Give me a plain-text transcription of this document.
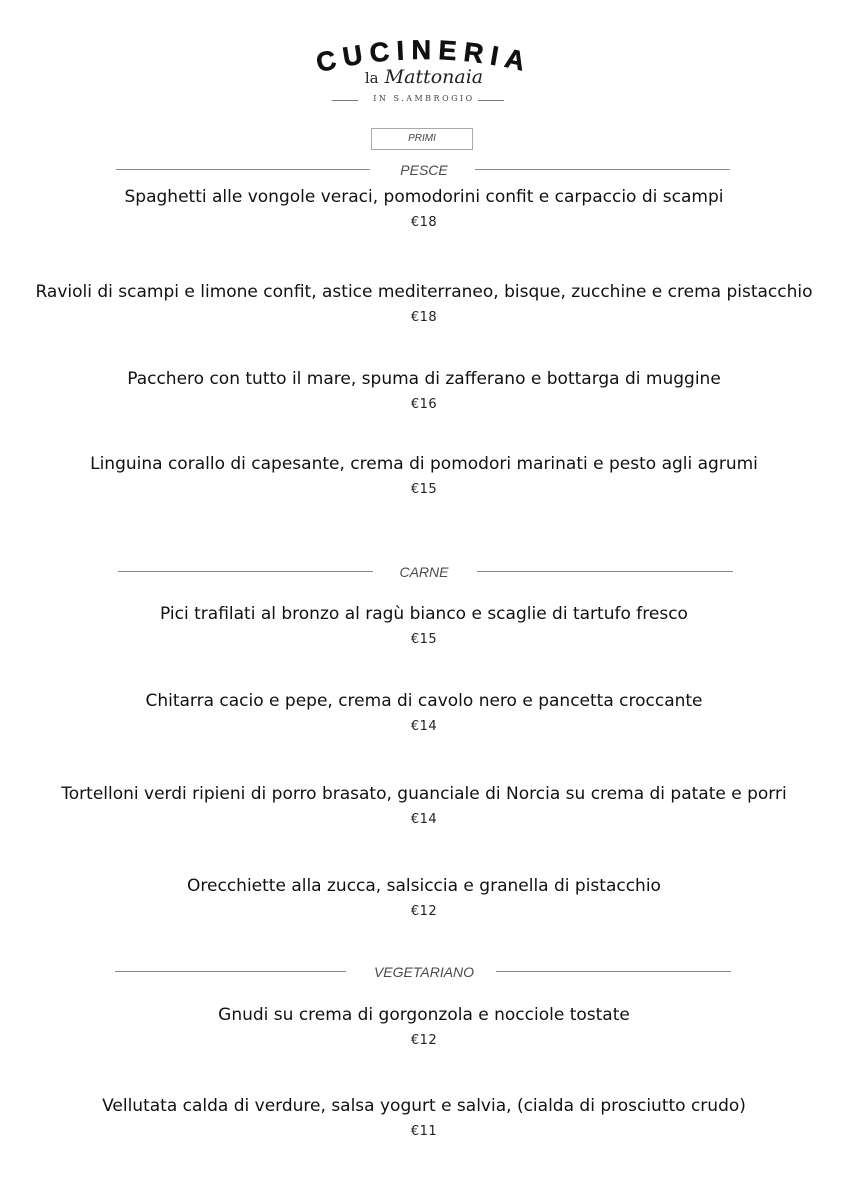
CUCINERIA
la Mattonaia
IN S.AMBROGIO
PRIMI
PESCE
Spaghetti alle vongole veraci, pomodorini confit e carpaccio di scampi
€18
Ravioli di scampi e limone confit, astice mediterraneo, bisque, zucchine e crema pistacchio
€18
Pacchero con tutto il mare, spuma di zafferano e bottarga di muggine
€16
Linguina corallo di capesante, crema di pomodori marinati e pesto agli agrumi
€15
CARNE
Pici trafilati al bronzo al ragù bianco e scaglie di tartufo fresco
€15
Chitarra cacio e pepe, crema di cavolo nero e pancetta croccante
€14
Tortelloni verdi ripieni di porro brasato, guanciale di Norcia su crema di patate e porri
€14
Orecchiette alla zucca, salsiccia e granella di pistacchio
€12
VEGETARIANO
Gnudi su crema di gorgonzola e nocciole tostate
€12
Vellutata calda di verdure, salsa yogurt e salvia, (cialda di prosciutto crudo)
€11
